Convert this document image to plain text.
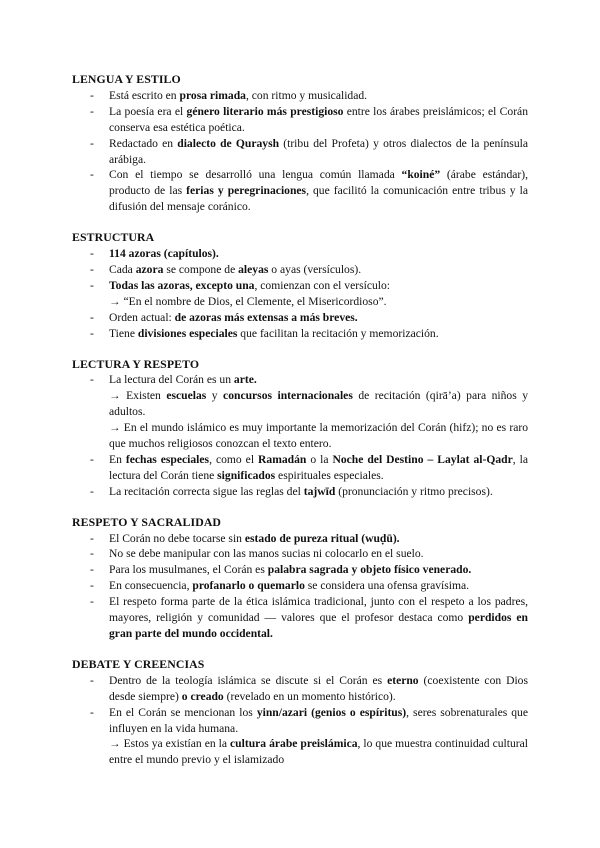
LENGUA Y ESTILO
- Está escrito en prosa rimada, con ritmo y musicalidad.
- La poesía era el género literario más prestigioso entre los árabes preislámicos; el Corán conserva esa estética poética.
- Redactado en dialecto de Quraysh (tribu del Profeta) y otros dialectos de la península arábiga.
- Con el tiempo se desarrolló una lengua común llamada “koiné” (árabe estándar), producto de las ferias y peregrinaciones, que facilitó la comunicación entre tribus y la difusión del mensaje coránico.
ESTRUCTURA
- 114 azoras (capítulos).
- Cada azora se compone de aleyas o ayas (versículos).
- Todas las azoras, excepto una, comienzan con el versículo:
→ “En el nombre de Dios, el Clemente, el Misericordioso”.
- Orden actual: de azoras más extensas a más breves.
- Tiene divisiones especiales que facilitan la recitación y memorización.
LECTURA Y RESPETO
- La lectura del Corán es un arte.
→ Existen escuelas y concursos internacionales de recitación (qirā’a) para niños y adultos.
→ En el mundo islámico es muy importante la memorización del Corán (hifz); no es raro que muchos religiosos conozcan el texto entero.
- En fechas especiales, como el Ramadán o la Noche del Destino – Laylat al-Qadr, la lectura del Corán tiene significados espirituales especiales.
- La recitación correcta sigue las reglas del tajwīd (pronunciación y ritmo precisos).
RESPETO Y SACRALIDAD
- El Corán no debe tocarse sin estado de pureza ritual (wuḍū).
- No se debe manipular con las manos sucias ni colocarlo en el suelo.
- Para los musulmanes, el Corán es palabra sagrada y objeto físico venerado.
- En consecuencia, profanarlo o quemarlo se considera una ofensa gravísima.
- El respeto forma parte de la ética islámica tradicional, junto con el respeto a los padres, mayores, religión y comunidad — valores que el profesor destaca como perdidos en gran parte del mundo occidental.
DEBATE Y CREENCIAS
- Dentro de la teología islámica se discute si el Corán es eterno (coexistente con Dios desde siempre) o creado (revelado en un momento histórico).
- En el Corán se mencionan los yinn/azari (genios o espíritus), seres sobrenaturales que influyen en la vida humana.
→ Estos ya existían en la cultura árabe preislámica, lo que muestra continuidad cultural entre el mundo previo y el islamizado
